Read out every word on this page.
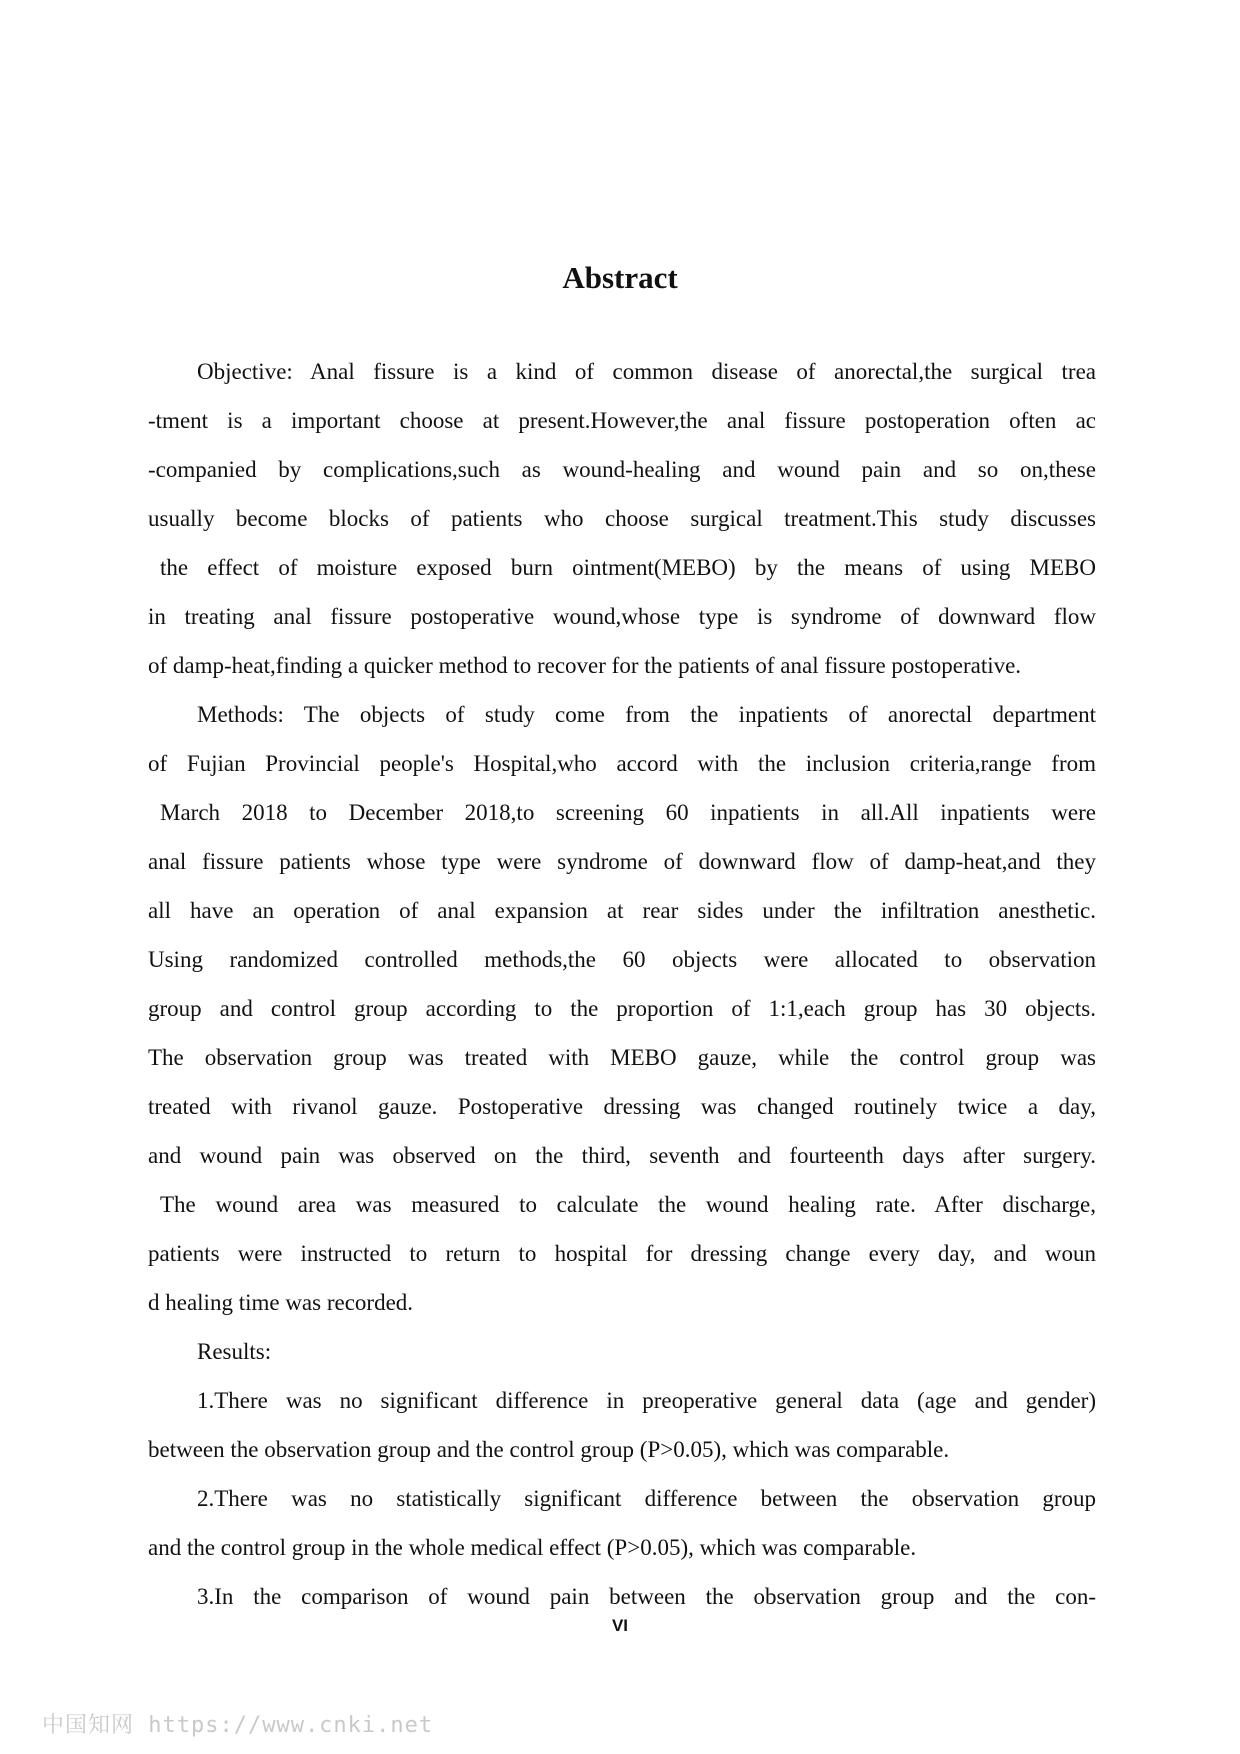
Abstract
Objective: Anal fissure is a kind of common disease of anorectal,the surgical trea
-tment is a important choose at present.However,the anal fissure postoperation often ac
-companied by complications,such as wound-healing and wound pain and so on,these
usually become blocks of patients who choose surgical treatment.This study discusses
the effect of moisture exposed burn ointment(MEBO) by the means of using MEBO
in treating anal fissure postoperative wound,whose type is syndrome of downward flow
of damp-heat,finding a quicker method to recover for the patients of anal fissure postoperative.
Methods: The objects of study come from the inpatients of anorectal department
of Fujian Provincial people's Hospital,who accord with the inclusion criteria,range from
March 2018 to December 2018,to screening 60 inpatients in all.All inpatients were
anal fissure patients whose type were syndrome of downward flow of damp-heat,and they
all have an operation of anal expansion at rear sides under the infiltration anesthetic.
Using randomized controlled methods,the 60 objects were allocated to observation
group and control group according to the proportion of 1:1,each group has 30 objects.
The observation group was treated with MEBO gauze, while the control group was
treated with rivanol gauze. Postoperative dressing was changed routinely twice a day,
and wound pain was observed on the third, seventh and fourteenth days after surgery.
The wound area was measured to calculate the wound healing rate. After discharge,
patients were instructed to return to hospital for dressing change every day, and woun
d healing time was recorded.
Results:
1.There was no significant difference in preoperative general data (age and gender)
between the observation group and the control group (P>0.05), which was comparable.
2.There was no statistically significant difference between the observation group
and the control group in the whole medical effect (P>0.05), which was comparable.
3.In the comparison of wound pain between the observation group and the con-
VI
中国知网 https://www.cnki.net
